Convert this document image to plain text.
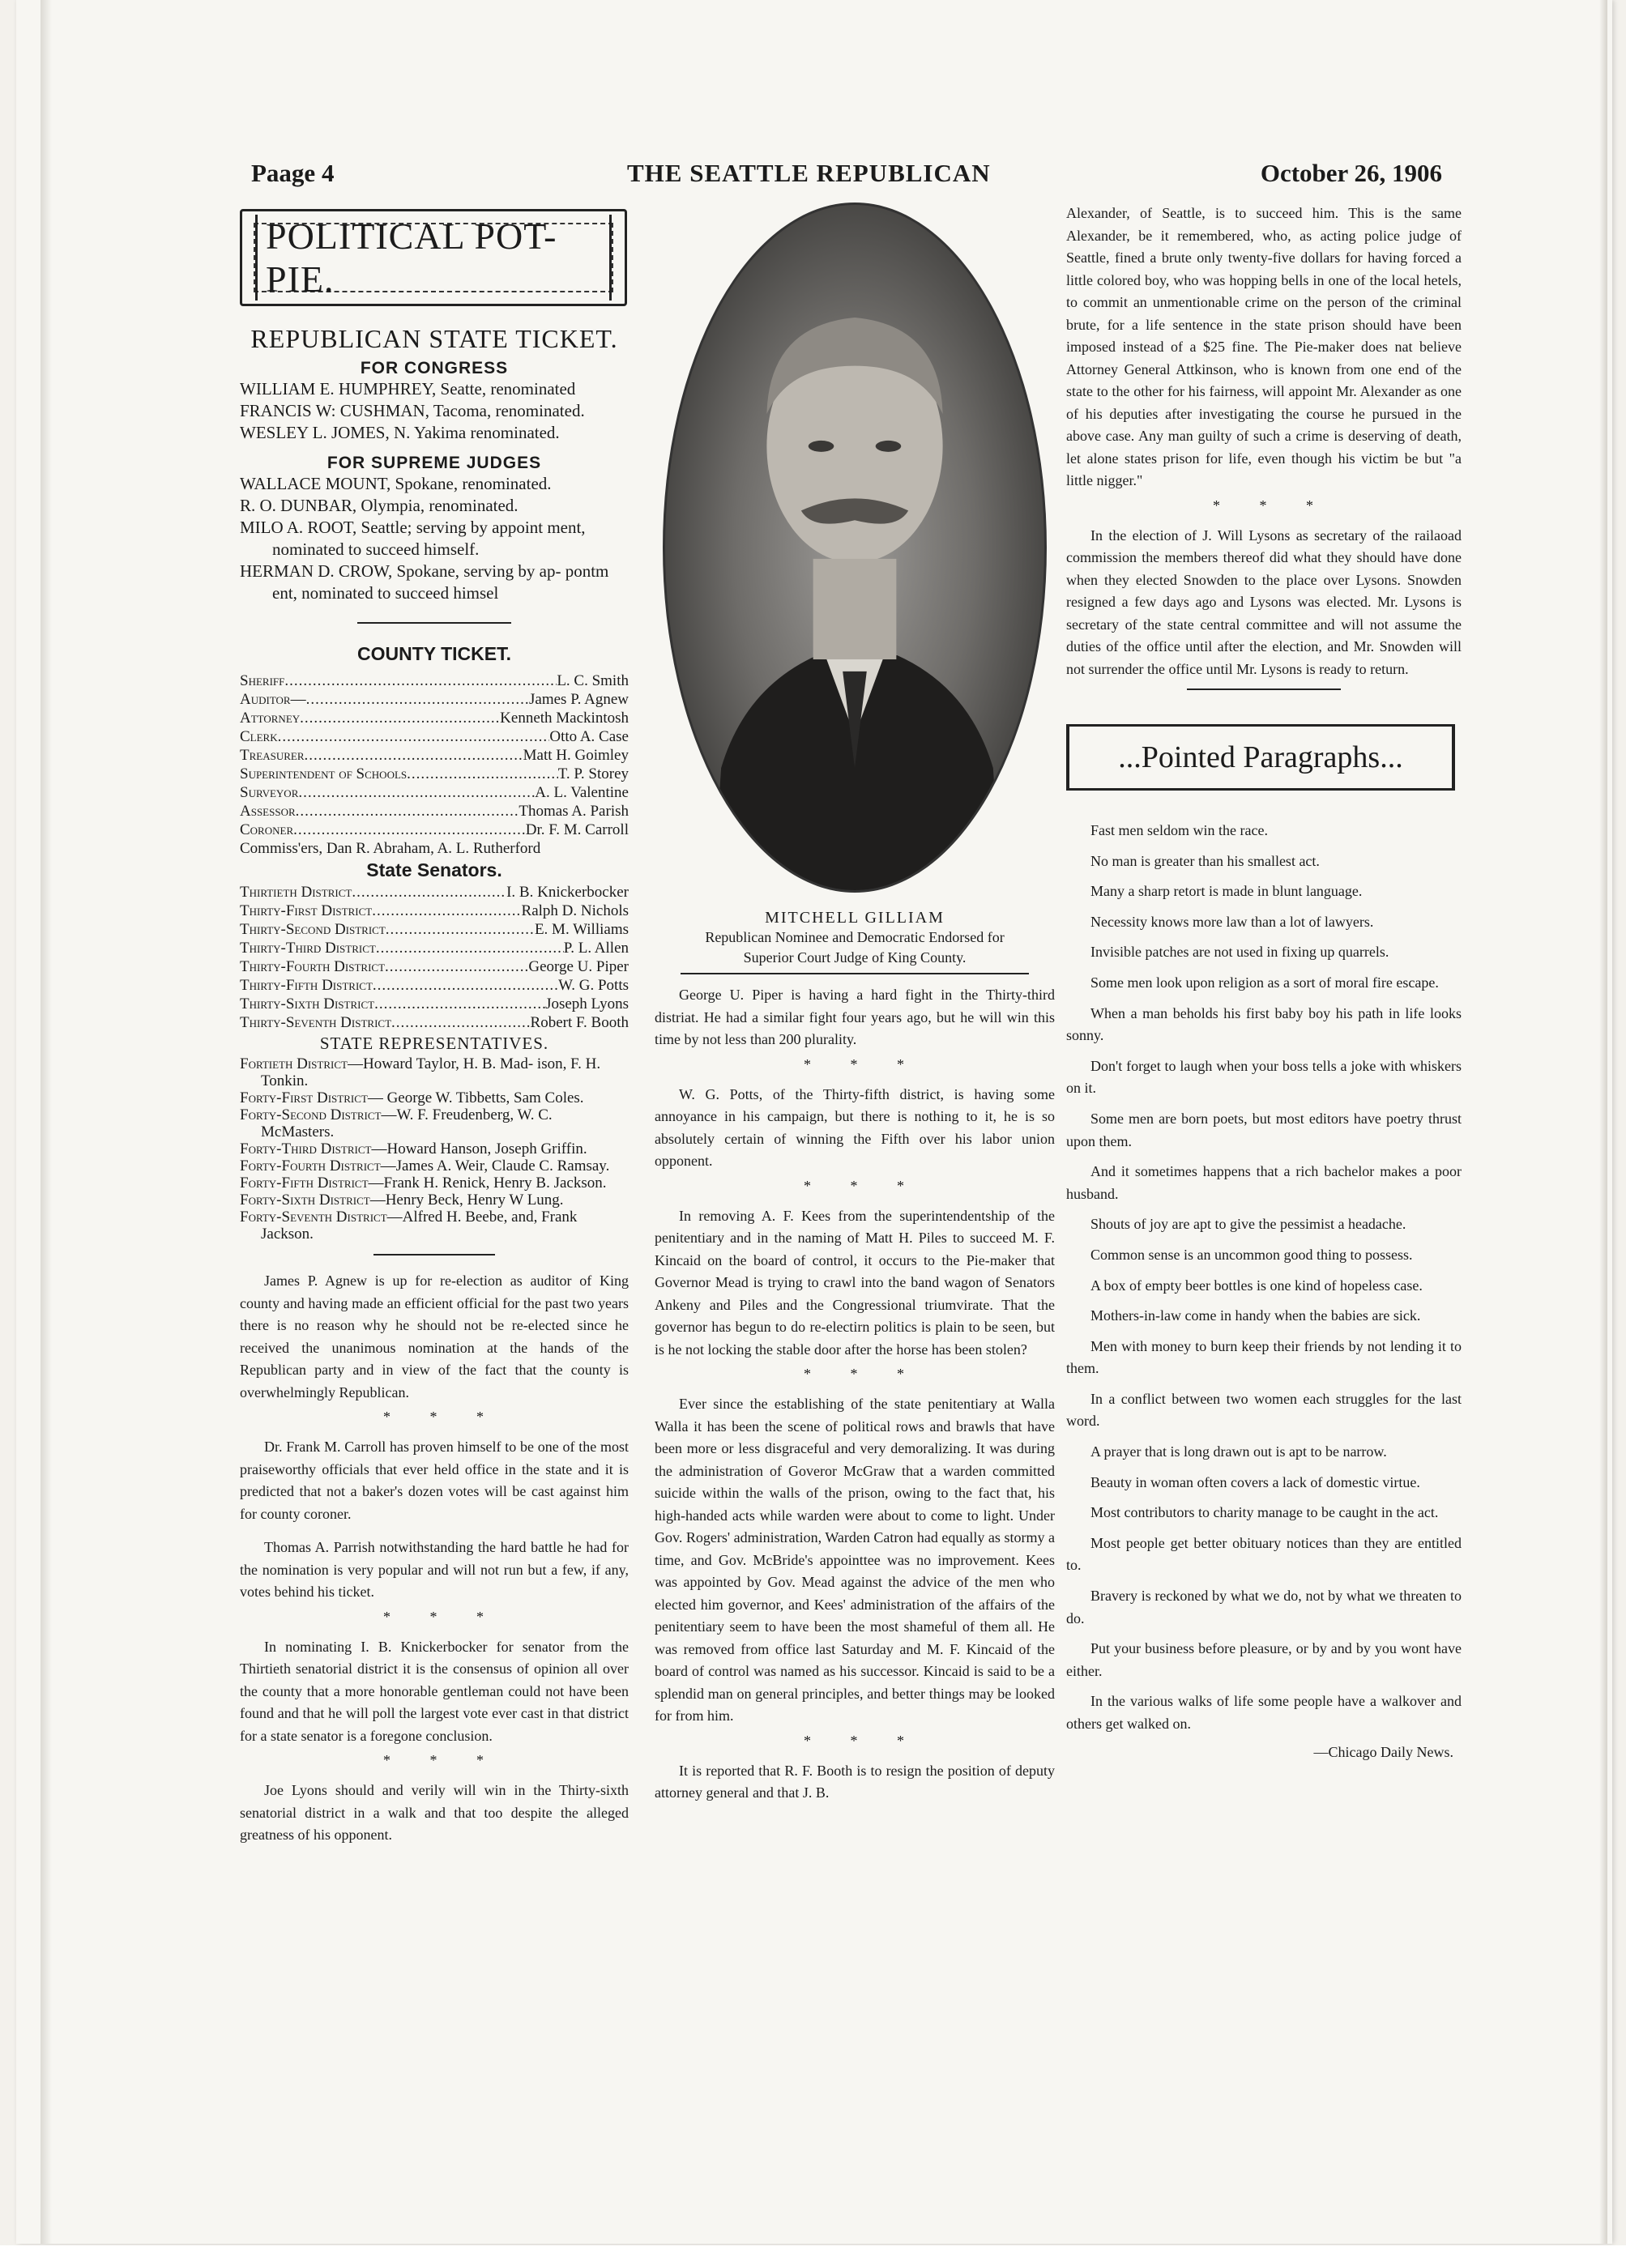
Paage 4	THE SEATTLE REPUBLICAN	October 26, 1906
POLITICAL POT-PIE.
REPUBLICAN STATE TICKET.
FOR CONGRESS
WILLIAM E. HUMPHREY, Seatte, renominated
FRANCIS W: CUSHMAN, Tacoma, renominated.
WESLEY L. JOMES, N. Yakima renominated.
FOR SUPREME JUDGES
WALLACE MOUNT, Spokane, renominated.
R. O. DUNBAR, Olympia, renominated.
MILO A. ROOT, Seattle; serving by appoint ment, nominated to succeed himself.
HERMAN D. CROW, Spokane, serving by ap- pontm ent, nominated to succeed himsel
COUNTY TICKET.
Sheriff .....	L. C. Smith
Auditor— .....	James P. Agnew
Attorney .....	Kenneth Mackintosh
Clerk .....	Otto A. Case
Treasurer .....	Matt H. Goimley
Superintendent of Schools .....	T. P. Storey
Surveyor .....	A. L. Valentine
Assessor .....	Thomas A. Parish
Coroner .....	Dr. F. M. Carroll
Commiss'ers, Dan R. Abraham, A. L. Rutherford
State Senators.
Thirtieth District .....	I. B. Knickerbocker
Thirty-First District .....	Ralph D. Nichols
Thirty-Second District .....	E. M. Williams
Thirty-Third District .....	P. L. Allen
Thirty-Fourth District .....	George U. Piper
Thirty-Fifth District .....	W. G. Potts
Thirty-Sixth District .....	Joseph Lyons
Thirty-Seventh District .....	Robert F. Booth
STATE REPRESENTATIVES.
Fortieth District—Howard Taylor, H. B. Mad- ison, F. H. Tonkin.
Forty-First District— George W. Tibbetts, Sam Coles.
Forty-Second District—W. F. Freudenberg, W. C. McMasters.
Forty-Third District—Howard Hanson, Joseph Griffin.
Forty-Fourth District—James A. Weir, Claude C. Ramsay.
Forty-Fifth District—Frank H. Renick, Henry B. Jackson.
Forty-Sixth District—Henry Beck, Henry W Lung.
Forty-Seventh District—Alfred H. Beebe, and, Frank Jackson.

James P. Agnew is up for re-election as auditor of King county and having made an efficient official for the past two years there is no reason why he should not be re-elected since he received the unanimous nomination at the hands of the Republican party and in view of the fact that the county is overwhelmingly Republican.

* * *

Dr. Frank M. Carroll has proven himself to be one of the most praiseworthy officials that ever held office in the state and it is predicted that not a baker's dozen votes will be cast against him for county coroner.

Thomas A. Parrish notwithstanding the hard battle he had for the nomination is very popular and will not run but a few, if any, votes behind his ticket.

* * *

In nominating I. B. Knickerbocker for senator from the Thirtieth senatorial district it is the consensus of opinion all over the county that a more honorable gentleman could not have been found and that he will poll the largest vote ever cast in that district for a state senator is a foregone conclusion.

* * *

Joe Lyons should and verily will win in the Thirty-sixth senatorial district in a walk and that too despite the alleged greatness of his opponent.

MITCHELL GILLIAM
Republican Nominee and Democratic Endorsed for
Superior Court Judge of King County.

George U. Piper is having a hard fight in the Thirty-third distriat. He had a similar fight four years ago, but he will win this time by not less than 200 plurality.

* * *

W. G. Potts, of the Thirty-fifth district, is having some annoyance in his campaign, but there is nothing to it, he is so absolutely certain of winning the Fifth over his labor union opponent.

* * *

In removing A. F. Kees from the superintendentship of the penitentiary and in the naming of Matt H. Piles to succeed M. F. Kincaid on the board of control, it occurs to the Pie-maker that Governor Mead is trying to crawl into the band wagon of Senators Ankeny and Piles and the Congressional triumvirate. That the governor has begun to do re-electirn politics is plain to be seen, but is he not locking the stable door after the horse has been stolen?

* * *

Ever since the establishing of the state penitentiary at Walla Walla it has been the scene of political rows and brawls that have been more or less disgraceful and very demoralizing. It was during the administration of Goveror McGraw that a warden committed suicide within the walls of the prison, owing to the fact that, his high-handed acts while warden were about to come to light. Under Gov. Rogers' administration, Warden Catron had equally as stormy a time, and Gov. McBride's appointtee was no improvement. Kees was appointed by Gov. Mead against the advice of the men who elected him governor, and Kees' administration of the affairs of the penitentiary seem to have been the most shameful of them all. He was removed from office last Saturday and M. F. Kincaid of the board of control was named as his successor. Kincaid is said to be a splendid man on general principles, and better things may be looked for from him.

* * *

It is reported that R. F. Booth is to resign the position of deputy attorney general and that J. B.

Alexander, of Seattle, is to succeed him. This is the same Alexander, be it remembered, who, as acting police judge of Seattle, fined a brute only twenty-five dollars for having forced a little colored boy, who was hopping bells in one of the local hetels, to commit an unmentionable crime on the person of the criminal brute, for a life sentence in the state prison should have been imposed instead of a $25 fine. The Pie-maker does nat believe Attorney General Attkinson, who is known from one end of the state to the other for his fairness, will appoint Mr. Alexander as one of his deputies after investigating the course he pursued in the above case. Any man guilty of such a crime is deserving of death, let alone states prison for life, even though his victim be but "a little nigger."

* * *

In the election of J. Will Lysons as secretary of the railaoad commission the members thereof did what they should have done when they elected Snowden to the place over Lysons. Snowden resigned a few days ago and Lysons was elected. Mr. Lysons is secretary of the state central committee and will not assume the duties of the office until after the election, and Mr. Snowden will not surrender the office until Mr. Lysons is ready to return.

...Pointed Paragraphs...

Fast men seldom win the race.

No man is greater than his smallest act.

Many a sharp retort is made in blunt language.

Necessity knows more law than a lot of lawyers.

Invisible patches are not used in fixing up quarrels.

Some men look upon religion as a sort of moral fire escape.

When a man beholds his first baby boy his path in life looks sonny.

Don't forget to laugh when your boss tells a joke with whiskers on it.

Some men are born poets, but most editors have poetry thrust upon them.

And it sometimes happens that a rich bachelor makes a poor husband.

Shouts of joy are apt to give the pessimist a headache.

Common sense is an uncommon good thing to possess.

A box of empty beer bottles is one kind of hopeless case.

Mothers-in-law come in handy when the babies are sick.

Men with money to burn keep their friends by not lending it to them.

In a conflict between two women each struggles for the last word.

A prayer that is long drawn out is apt to be narrow.

Beauty in woman often covers a lack of domestic virtue.

Most contributors to charity manage to be caught in the act.

Most people get better obituary notices than they are entitled to.

Bravery is reckoned by what we do, not by what we threaten to do.

Put your business before pleasure, or by and by you wont have either.

In the various walks of life some people have a walkover and others get walked on.

—Chicago Daily News.
